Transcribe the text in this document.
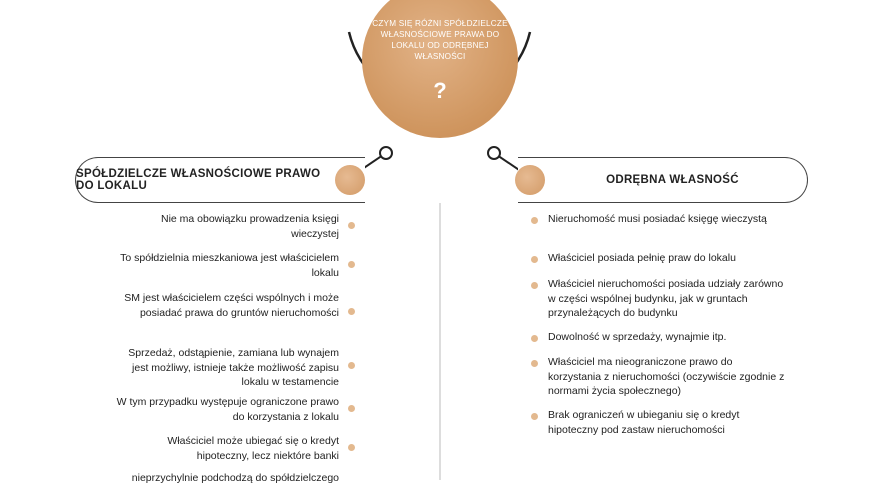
CZYM SIĘ RÓŻNI SPÓŁDZIELCZE WŁASNOŚCIOWE PRAWA DO LOKALU OD ODRĘBNEJ WŁASNOŚCI
?
SPÓŁDZIELCZE WŁASNOŚCIOWE PRAWO DO LOKALU	ODRĘBNA WŁASNOŚĆ
Nie ma obowiązku prowadzenia księgi wieczystej
To spółdzielnia mieszkaniowa jest właścicielem lokalu
SM jest właścicielem części wspólnych i może posiadać prawa do gruntów nieruchomości
Sprzedaż, odstąpienie, zamiana lub wynajem jest możliwy, istnieje także możliwość zapisu lokalu w testamencie
W tym przypadku występuje ograniczone prawo do korzystania z lokalu
Właściciel może ubiegać się o kredyt hipoteczny, lecz niektóre banki
nieprzychylnie podchodzą do spółdzielczego
Nieruchomość musi posiadać księgę wieczystą
Właściciel posiada pełnię praw do lokalu
Właściciel nieruchomości posiada udziały zarówno w części wspólnej budynku, jak w gruntach przynależących do budynku
Dowolność w sprzedaży, wynajmie itp.
Właściciel ma nieograniczone prawo do korzystania z nieruchomości (oczywiście zgodnie z normami życia społecznego)
Brak ograniczeń w ubieganiu się o kredyt hipoteczny pod zastaw nieruchomości
